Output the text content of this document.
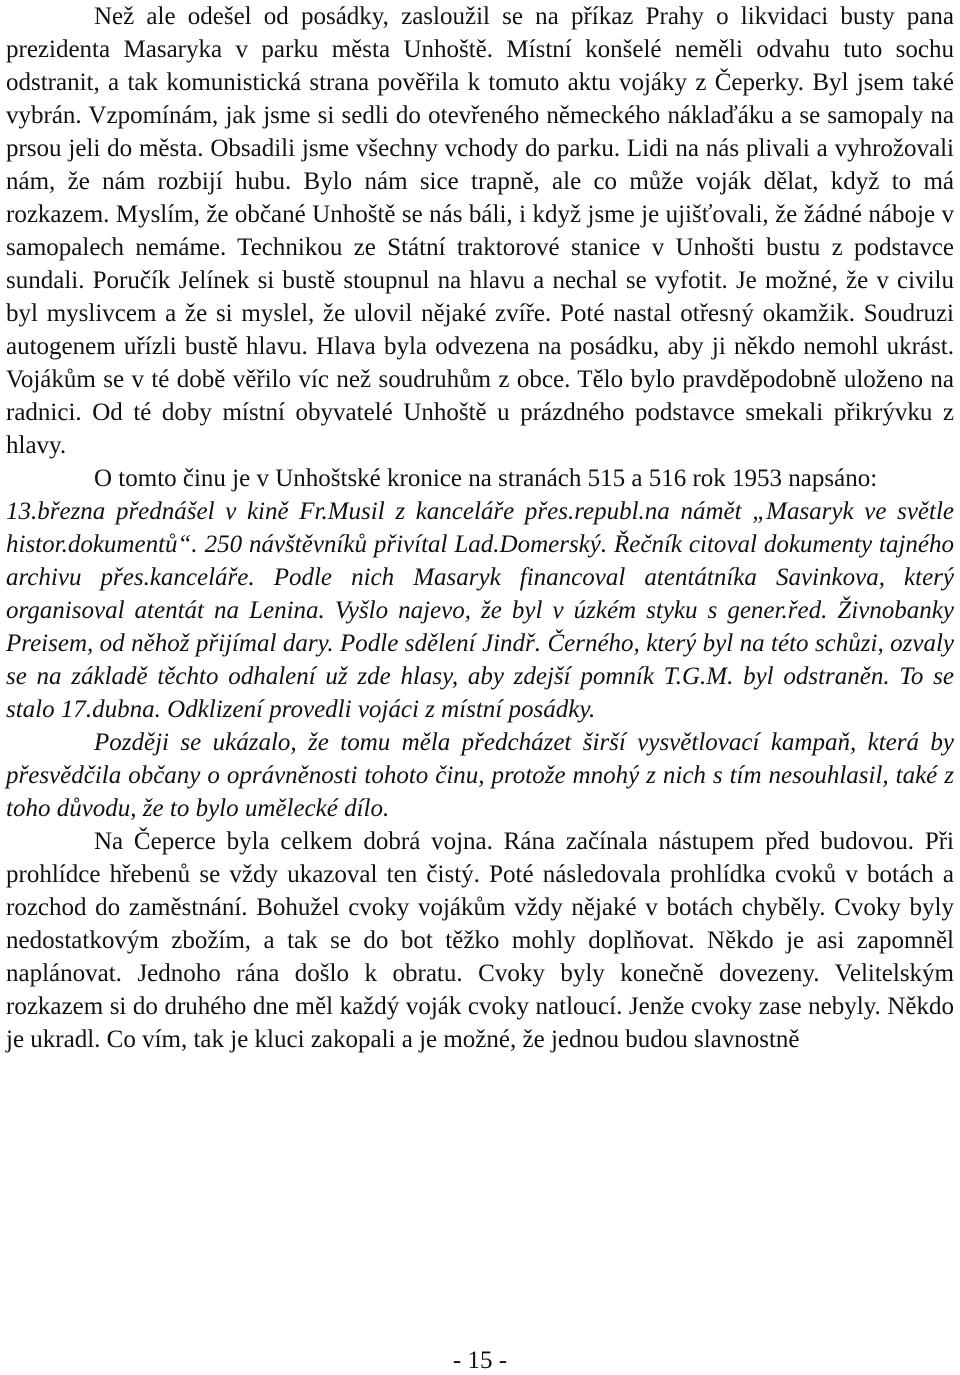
Než ale odešel od posádky, zasloužil se na příkaz Prahy o likvidaci busty pana prezidenta Masaryka v parku města Unhoště. Místní konšelé neměli odvahu tuto sochu odstranit, a tak komunistická strana pověřila k tomuto aktu vojáky z Čeperky. Byl jsem také vybrán. Vzpomínám, jak jsme si sedli do otevřeného německého náklaďáku a se samopaly na prsou jeli do města. Obsadili jsme všechny vchody do parku. Lidi na nás plivali a vyhrožovali nám, že nám rozbijí hubu. Bylo nám sice trapně, ale co může voják dělat, když to má rozkazem. Myslím, že občané Unhoště se nás báli, i když jsme je ujišťovali, že žádné náboje v samopalech nemáme. Technikou ze Státní traktorové stanice v Unhošti bustu z podstavce sundali. Poručík Jelínek si bustě stoupnul na hlavu a nechal se vyfotit. Je možné, že v civilu byl myslivcem a že si myslel, že ulovil nějaké zvíře. Poté nastal otřesný okamžik. Soudruzi autogenem uřízli bustě hlavu. Hlava byla odvezena na posádku, aby ji někdo nemohl ukrást. Vojákům se v té době věřilo víc než soudruhům z obce. Tělo bylo pravděpodobně uloženo na radnici. Od té doby místní obyvatelé Unhoště u prázdného podstavce smekali přikrývku z hlavy.

O tomto činu je v Unhoštské kronice na stranách 515 a 516 rok 1953 napsáno:

13.března přednášel v kině Fr.Musil z kanceláře přes.republ.na námět „Masaryk ve světle histor.dokumentů“. 250 návštěvníků přivítal Lad.Domerský. Řečník citoval dokumenty tajného archivu přes.kanceláře. Podle nich Masaryk financoval atentátníka Savinkova, který organisoval atentát na Lenina. Vyšlo najevo, že byl v úzkém styku s gener.řed. Živnobanky Preisem, od něhož přijímal dary. Podle sdělení Jindř. Černého, který byl na této schůzi, ozvaly se na základě těchto odhalení už zde hlasy, aby zdejší pomník T.G.M. byl odstraněn. To se stalo 17.dubna. Odklizení provedli vojáci z místní posádky.

Později se ukázalo, že tomu měla předcházet širší vysvětlovací kampaň, která by přesvědčila občany o oprávněnosti tohoto činu, protože mnohý z nich s tím nesouhlasil, také z toho důvodu, že to bylo umělecké dílo.

Na Čeperce byla celkem dobrá vojna. Rána začínala nástupem před budovou. Při prohlídce hřebenů se vždy ukazoval ten čistý. Poté následovala prohlídka cvoků v botách a rozchod do zaměstnání. Bohužel cvoky vojákům vždy nějaké v botách chyběly. Cvoky byly nedostatkovým zbožím, a tak se do bot těžko mohly doplňovat. Někdo je asi zapomněl naplánovat. Jednoho rána došlo k obratu. Cvoky byly konečně dovezeny. Velitelským rozkazem si do druhého dne měl každý voják cvoky natloucí. Jenže cvoky zase nebyly. Někdo je ukradl. Co vím, tak je kluci zakopali a je možné, že jednou budou slavnostně

- 15 -
